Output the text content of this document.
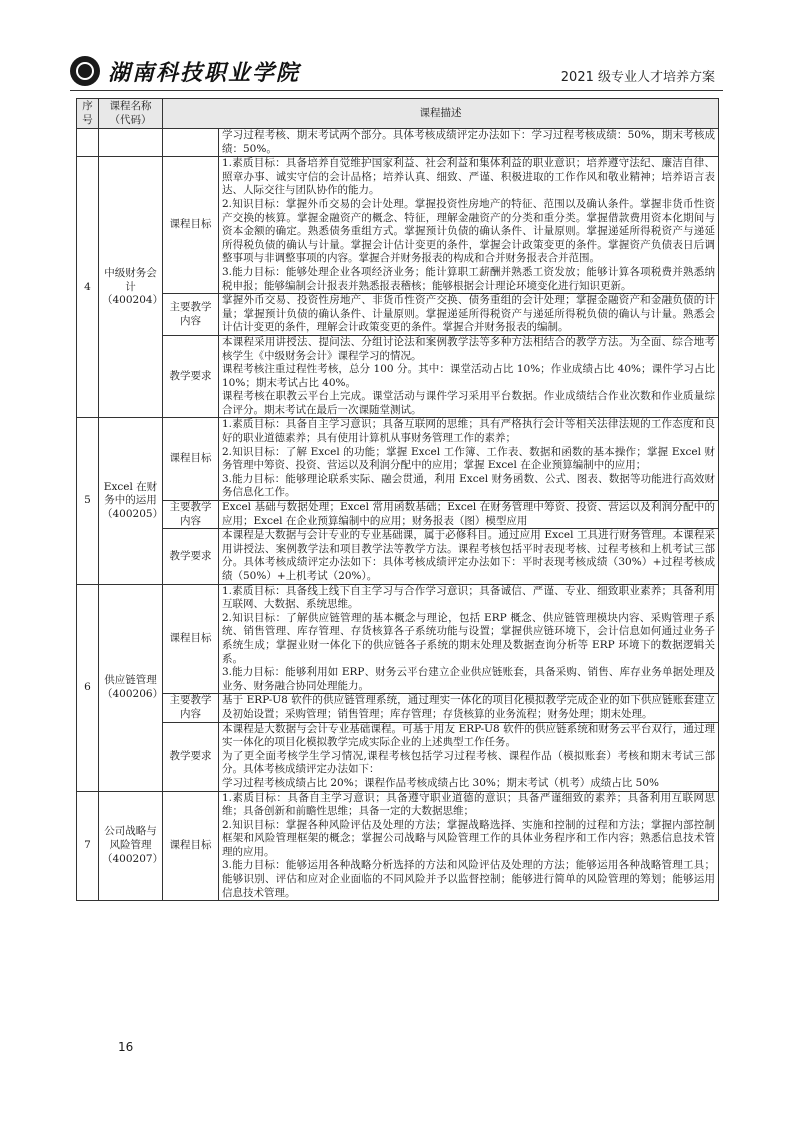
湖南科技职业学院	2021 级专业人才培养方案
序号	课程名称（代码）	课程描述	

			学习过程考核、期末考试两个部分。具体考核成绩评定办法如下：学习过程考核成绩：50%，期末考核成绩：50%。

4	中级财务会计（400204）	课程目标	1.素质目标：具备培养自觉维护国家利益、社会利益和集体利益的职业意识；培养遵守法纪、廉洁自律、照章办事、诚实守信的会计品格；培养认真、细致、严谨、积极进取的工作作风和敬业精神；培养语言表达、人际交往与团队协作的能力。
2.知识目标：掌握外币交易的会计处理。掌握投资性房地产的特征、范围以及确认条件。掌握非货币性资产交换的核算。掌握金融资产的概念、特征，理解金融资产的分类和重分类。掌握借款费用资本化期间与资本金额的确定。熟悉债务重组方式。掌握预计负债的确认条件、计量原则。掌握递延所得税资产与递延所得税负债的确认与计量。掌握会计估计变更的条件，掌握会计政策变更的条件。掌握资产负债表日后调整事项与非调整事项的内容。掌握合并财务报表的构成和合并财务报表合并范围。
3.能力目标：能够处理企业各项经济业务；能计算职工薪酬并熟悉工资发放；能够计算各项税费并熟悉纳税申报；能够编制会计报表并熟悉报表稽核；能够根据会计理论环境变化进行知识更新。

		主要教学内容	掌握外币交易、投资性房地产、非货币性资产交换、债务重组的会计处理；掌握金融资产和金融负债的计量；掌握预计负债的确认条件、计量原则。掌握递延所得税资产与递延所得税负债的确认与计量。熟悉会计估计变更的条件，理解会计政策变更的条件。掌握合并财务报表的编制。

		教学要求	本课程采用讲授法、提问法、分组讨论法和案例教学法等多种方法相结合的教学方法。为全面、综合地考核学生《中级财务会计》课程学习的情况。
课程考核注重过程性考核，总分 100 分。其中：课堂活动占比 10%；作业成绩占比 40%；课件学习占比 10%；期末考试占比 40%。
课程考核在职教云平台上完成。课堂活动与课件学习采用平台数据。作业成绩结合作业次数和作业质量综合评分。期末考试在最后一次课随堂测试。

5	Excel 在财务中的运用（400205）	课程目标	1.素质目标：具备自主学习意识；具备互联网的思维；具有严格执行会计等相关法律法规的工作态度和良好的职业道德素养；具有使用计算机从事财务管理工作的素养；
2.知识目标：了解 Excel 的功能；掌握 Excel 工作簿、工作表、数据和函数的基本操作；掌握 Excel 财务管理中筹资、投资、营运以及利润分配中的应用；掌握 Excel 在企业预算编制中的应用；
3.能力目标：能够理论联系实际、融会贯通，利用 Excel 财务函数、公式、图表、数据等功能进行高效财务信息化工作。

		主要教学内容	Excel 基础与数据处理；Excel 常用函数基础；Excel 在财务管理中筹资、投资、营运以及利润分配中的应用；Excel 在企业预算编制中的应用；财务报表（图）模型应用

		教学要求	本课程是大数据与会计专业的专业基础课，属于必修科目。通过应用 Excel 工具进行财务管理。本课程采用讲授法、案例教学法和项目教学法等教学方法。课程考核包括平时表现考核、过程考核和上机考试三部分。具体考核成绩评定办法如下：具体考核成绩评定办法如下：平时表现考核成绩（30%）+过程考核成绩（50%）+上机考试（20%）。

6	供应链管理（400206）	课程目标	1.素质目标：具备线上线下自主学习与合作学习意识；具备诚信、严谨、专业、细致职业素养；具备利用互联网、大数据、系统思维。
2.知识目标：了解供应链管理的基本概念与理论，包括 ERP 概念、供应链管理模块内容、采购管理子系统、销售管理、库存管理、存货核算各子系统功能与设置；掌握供应链环境下，会计信息如何通过业务子系统生成；掌握业财一体化下的供应链各子系统的期末处理及数据查询分析等 ERP 环境下的数据逻辑关系。
3.能力目标：能够利用如 ERP、财务云平台建立企业供应链账套，具备采购、销售、库存业务单据处理及业务、财务融合协同处理能力。

		主要教学内容	基于 ERP-U8 软件的供应链管理系统，通过理实一体化的项目化模拟教学完成企业的如下供应链账套建立及初始设置；采购管理；销售管理；库存管理；存货核算的业务流程；财务处理；期末处理。

		教学要求	本课程是大数据与会计专业基础课程。可基于用友 ERP-U8 软件的供应链系统和财务云平台双行，通过理实一体化的项目化模拟教学完成实际企业的上述典型工作任务。
为了更全面考核学生学习情况,课程考核包括学习过程考核、课程作品（模拟账套）考核和期末考试三部分。具体考核成绩评定办法如下：
学习过程考核成绩占比 20%；课程作品考核成绩占比 30%；期末考试（机考）成绩占比 50%

7	公司战略与风险管理（400207）	课程目标	1.素质目标：具备自主学习意识；具备遵守职业道德的意识；具备严谨细致的素养；具备利用互联网思维；具备创新和前瞻性思维；具备一定的大数据思维；
2.知识目标：掌握各种风险评估及处理的方法；掌握战略选择、实施和控制的过程和方法；掌握内部控制框架和风险管理框架的概念；掌握公司战略与风险管理工作的具体业务程序和工作内容；熟悉信息技术管理的应用。
3.能力目标：能够运用各种战略分析选择的方法和风险评估及处理的方法；能够运用各种战略管理工具；能够识别、评估和应对企业面临的不同风险并予以监督控制；能够进行简单的风险管理的筹划；能够运用信息技术管理。
16
